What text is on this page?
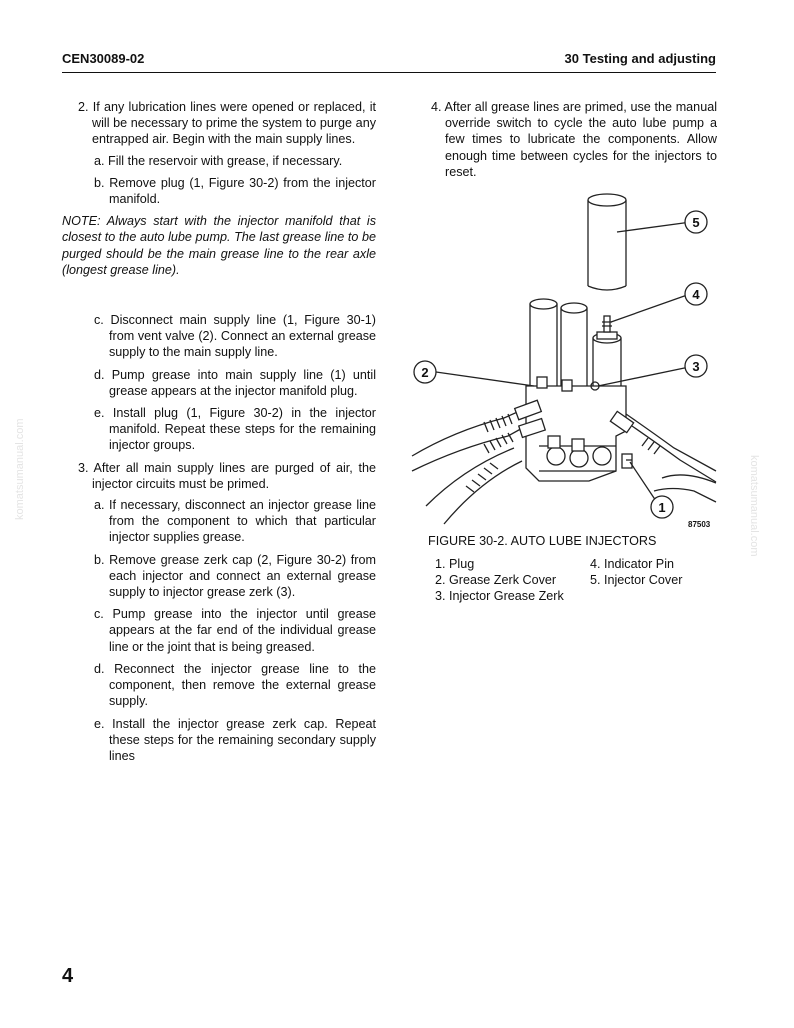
CEN30089-02	30 Testing and adjusting

2. If any lubrication lines were opened or replaced, it will be necessary to prime the system to purge any entrapped air. Begin with the main supply lines.

a. Fill the reservoir with grease, if necessary.

b. Remove plug (1, Figure 30-2) from the injector manifold.

NOTE: Always start with the injector manifold that is closest to the auto lube pump. The last grease line to be purged should be the main grease line to the rear axle (longest grease line).

c. Disconnect main supply line (1, Figure 30-1) from vent valve (2). Connect an external grease supply to the main supply line.

d. Pump grease into main supply line (1) until grease appears at the injector manifold plug.

e. Install plug (1, Figure 30-2) in the injector manifold. Repeat these steps for the remaining injector groups.

3. After all main supply lines are purged of air, the injector circuits must be primed.

a. If necessary, disconnect an injector grease line from the component to which that particular injector supplies grease.

b. Remove grease zerk cap (2, Figure 30-2) from each injector and connect an external grease supply to injector grease zerk (3).

c. Pump grease into the injector until grease appears at the far end of the individual grease line or the joint that is being greased.

d. Reconnect the injector grease line to the component, then remove the external grease supply.

e. Install the injector grease zerk cap. Repeat these steps for the remaining secondary supply lines

4. After all grease lines are primed, use the manual override switch to cycle the auto lube pump a few times to lubricate the components. Allow enough time between cycles for the injectors to reset.

5
4
3
2
1
87503
FIGURE 30-2. AUTO LUBE INJECTORS
1. Plug
2. Grease Zerk Cover
3. Injector Grease Zerk
4. Indicator Pin
5. Injector Cover
komatsumanual.com	komatsumanual.com
4
